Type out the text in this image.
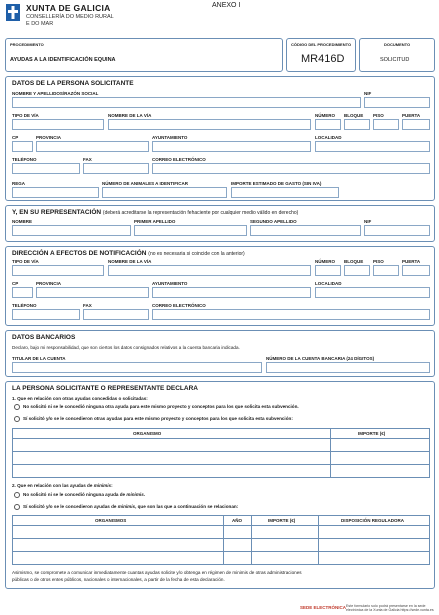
XUNTA DE GALICIA
CONSELLERÍA DO MEDIO RURAL
E DO MAR
ANEXO I
PROCEDIMIENTO
AYUDAS A LA IDENTIFICACIÓN EQUINA
CÓDIGO DEL PROCEDIMIENTO
MR416D
DOCUMENTO
SOLICITUD
DATOS DE LA PERSONA SOLICITANTE
NOMBRE Y APELLIDOS/RAZÓN SOCIAL	NIF
TIPO DE VÍA	NOMBRE DE LA VÍA	NÚMERO BLOQUE PISO	PUERTA
CP	PROVINCIA	AYUNTAMIENTO	LOCALIDAD
TELÉFONO	FAX	CORREO ELECTRÓNICO
REGA	NÚMERO DE ANIMALES A IDENTIFICAR	IMPORTE ESTIMADO DE GASTO (SIN IVA)
Y, EN SU REPRESENTACIÓN (deberá acreditarse la representación fehaciente por cualquier medio válido en derecho)
NOMBRE	PRIMER APELLIDO	SEGUNDO APELLIDO	NIF
DIRECCIÓN A EFECTOS DE NOTIFICACIÓN (no es necesaria si coincide con la anterior)
TIPO DE VÍA	NOMBRE DE LA VÍA	NÚMERO BLOQUE PISO	PUERTA
CP	PROVINCIA	AYUNTAMIENTO	LOCALIDAD
TELÉFONO	FAX	CORREO ELECTRÓNICO
DATOS BANCARIOS
Declaro, bajo mi responsabilidad, que son ciertos los datos consignados relativos a la cuenta bancaria indicada.
TITULAR DE LA CUENTA	NÚMERO DE LA CUENTA BANCARIA (24 DÍGITOS)
LA PERSONA SOLICITANTE O REPRESENTANTE DECLARA
1. Que en relación con otras ayudas concedidas o solicitadas:
No solicitó ni se le concedió ninguna otra ayuda para este mismo proyecto y conceptos para los que solicita esta subvención.
Sí solicitó y/o se le concedieron otras ayudas para este mismo proyecto y conceptos para los que solicita esta subvención:
ORGANISMO	IMPORTE (€)
2. Que en relación con las ayudas de minimis:
No solicitó ni se le concedió ninguna ayuda de minimis.
Sí solicitó y/o se le concedieron ayudas de minimis, que son las que a continuación se relacionan:
ORGANISMOS	AÑO	IMPORTE (€)	DISPOSICIÓN REGULADORA
Asimismo, se compromete a comunicar inmediatamente cuantas ayudas solicite y/o obtenga en régimen de minimis de otras administraciones
públicas o de otros entes públicos, nacionales o internacionales, a partir de la fecha de esta declaración.
SEDE ELECTRÓNICA Este formulario solo podrá presentarse en la sede electrónica de la Xunta de Galicia https://sede.xunta.es
